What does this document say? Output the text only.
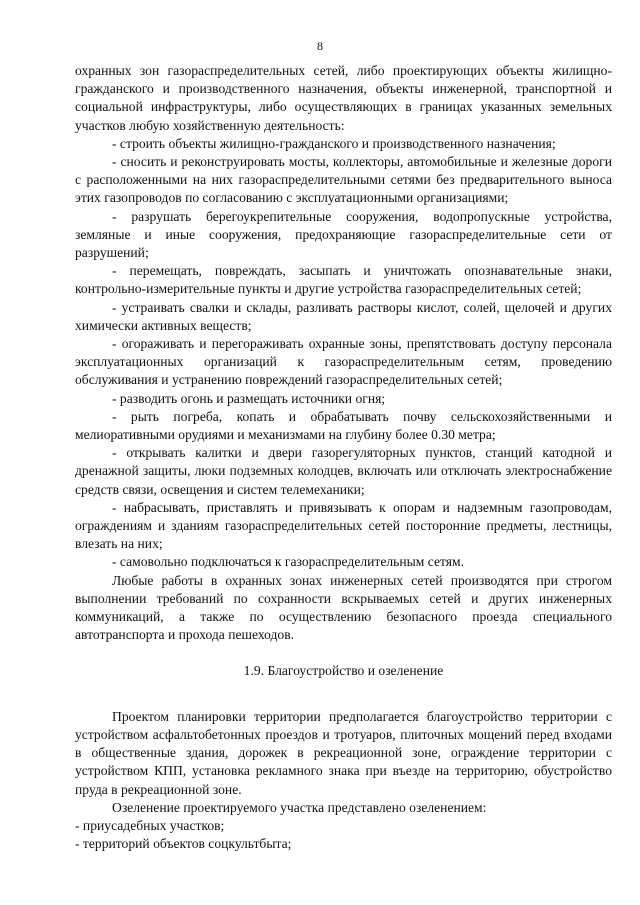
8

охранных зон газораспределительных сетей, либо проектирующих объекты жилищно-гражданского и производственного назначения, объекты инженерной, транспортной и социальной инфраструктуры, либо осуществляющих в границах указанных земельных участков любую хозяйственную деятельность:

- строить объекты жилищно-гражданского и производственного назначения;

- сносить и реконструировать мосты, коллекторы, автомобильные и железные дороги с расположенными на них газораспределительными сетями без предварительного выноса этих газопроводов по согласованию с эксплуатационными организациями;

- разрушать берегоукрепительные сооружения, водопропускные устройства, земляные и иные сооружения, предохраняющие газораспределительные сети от разрушений;

- перемещать, повреждать, засыпать и уничтожать опознавательные знаки, контрольно-измерительные пункты и другие устройства газораспределительных сетей;

- устраивать свалки и склады, разливать растворы кислот, солей, щелочей и других химически активных веществ;

- огораживать и перегораживать охранные зоны, препятствовать доступу персонала эксплуатационных организаций к газораспределительным сетям, проведению обслуживания и устранению повреждений газораспределительных сетей;

- разводить огонь и размещать источники огня;

- рыть погреба, копать и обрабатывать почву сельскохозяйственными и мелиоративными орудиями и механизмами на глубину более 0.30 метра;

- открывать калитки и двери газорегуляторных пунктов, станций катодной и дренажной защиты, люки подземных колодцев, включать или отключать электроснабжение средств связи, освещения и систем телемеханики;

- набрасывать, приставлять и привязывать к опорам и надземным газопроводам, ограждениям и зданиям газораспределительных сетей посторонние предметы, лестницы, влезать на них;

- самовольно подключаться к газораспределительным сетям.

Любые работы в охранных зонах инженерных сетей производятся при строгом выполнении требований по сохранности вскрываемых сетей и других инженерных коммуникаций, а также по осуществлению безопасного проезда специального автотранспорта и прохода пешеходов.

1.9. Благоустройство и озеленение

Проектом планировки территории предполагается благоустройство территории с устройством асфальтобетонных проездов и тротуаров, плиточных мощений перед входами в общественные здания, дорожек в рекреационной зоне, ограждение территории с устройством КПП, установка рекламного знака при въезде на территорию, обустройство пруда в рекреационной зоне.

Озеленение проектируемого участка представлено озеленением:

- приусадебных участков;

- территорий объектов соцкультбыта;
